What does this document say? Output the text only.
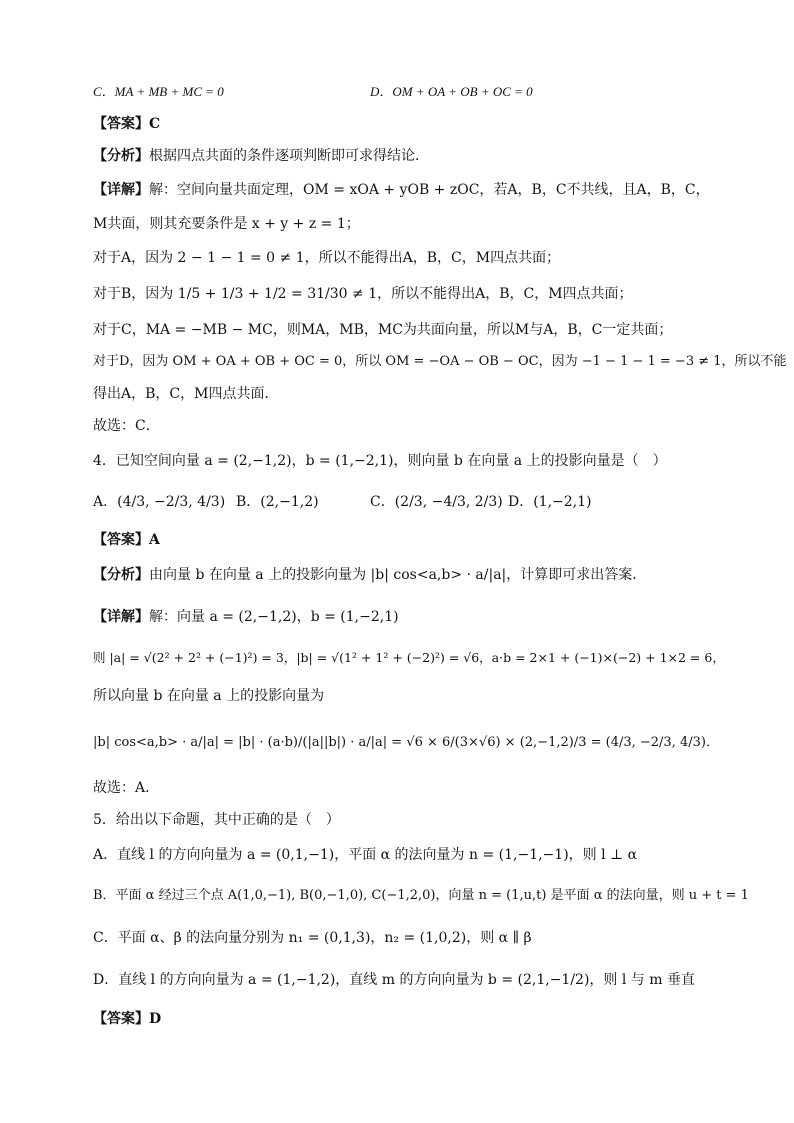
C．MA + MB + MC = 0	D．OM + OA + OB + OC = 0
【答案】C
【分析】根据四点共面的条件逐项判断即可求得结论．
【详解】解：空间向量共面定理，OM = xOA + yOB + zOC，若A，B，C不共线，且A，B，C，
M共面，则其充要条件是 x + y + z = 1；
对于A，因为 2 − 1 − 1 = 0 ≠ 1，所以不能得出A，B，C，M四点共面；
对于B，因为 1/5 + 1/3 + 1/2 = 31/30 ≠ 1，所以不能得出A，B，C，M四点共面；
对于C，MA = −MB − MC，则MA，MB，MC为共面向量，所以M与A，B，C一定共面；
对于D，因为 OM + OA + OB + OC = 0，所以 OM = −OA − OB − OC，因为 −1 − 1 − 1 = −3 ≠ 1，所以不能
得出A，B，C，M四点共面．
故选：C．
4．已知空间向量 a = (2,−1,2)，b = (1,−2,1)，则向量 b 在向量 a 上的投影向量是（　）
A．(4/3, −2/3, 4/3) B．(2,−1,2)	C．(2/3, −4/3, 2/3) D．(1,−2,1)
【答案】A
【分析】由向量 b 在向量 a 上的投影向量为 |b| cos<a,b> · a/|a|，计算即可求出答案．
【详解】解：向量 a = (2,−1,2)，b = (1,−2,1)
则 |a| = √(2² + 2² + (−1)²) = 3，|b| = √(1² + 1² + (−2)²) = √6，a·b = 2×1 + (−1)×(−2) + 1×2 = 6，
所以向量 b 在向量 a 上的投影向量为
|b| cos<a,b> · a/|a| = |b| · (a·b)/(|a||b|) · a/|a| = √6 × 6/(3×√6) × (2,−1,2)/3 = (4/3, −2/3, 4/3)．
故选：A．
5．给出以下命题，其中正确的是（　）
A．直线 l 的方向向量为 a = (0,1,−1)，平面 α 的法向量为 n = (1,−1,−1)，则 l ⊥ α
B．平面 α 经过三个点 A(1,0,−1), B(0,−1,0), C(−1,2,0)，向量 n = (1,u,t) 是平面 α 的法向量，则 u + t = 1
C．平面 α、β 的法向量分别为 n₁ = (0,1,3)，n₂ = (1,0,2)，则 α ∥ β
D．直线 l 的方向向量为 a = (1,−1,2)，直线 m 的方向向量为 b = (2,1,−1/2)，则 l 与 m 垂直
【答案】D
